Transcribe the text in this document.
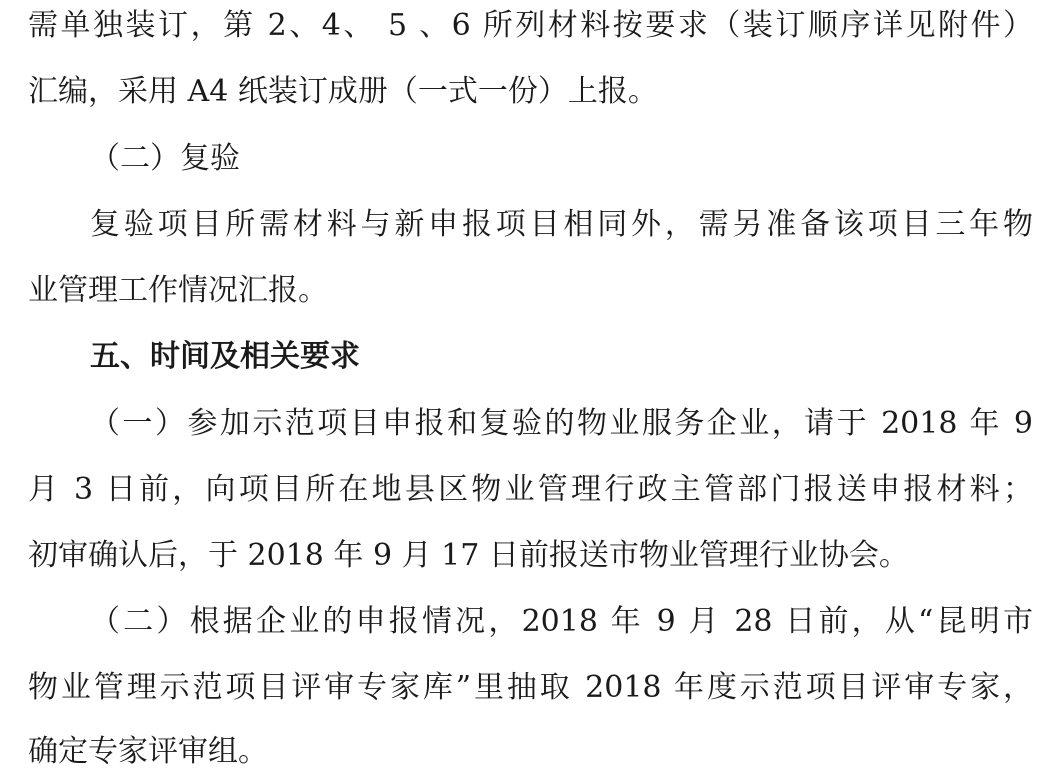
需单独装订，第 2、4、 5 、6 所列材料按要求（装订顺序详见附件）
汇编，采用 A4 纸装订成册（一式一份）上报。
（二）复验
复验项目所需材料与新申报项目相同外，需另准备该项目三年物
业管理工作情况汇报。
五、时间及相关要求
（一）参加示范项目申报和复验的物业服务企业，请于 2018 年 9
月 3 日前，向项目所在地县区物业管理行政主管部门报送申报材料；
初审确认后，于 2018 年 9 月 17 日前报送市物业管理行业协会。
（二）根据企业的申报情况，2018 年 9 月 28 日前，从“昆明市
物业管理示范项目评审专家库”里抽取 2018 年度示范项目评审专家，
确定专家评审组。
